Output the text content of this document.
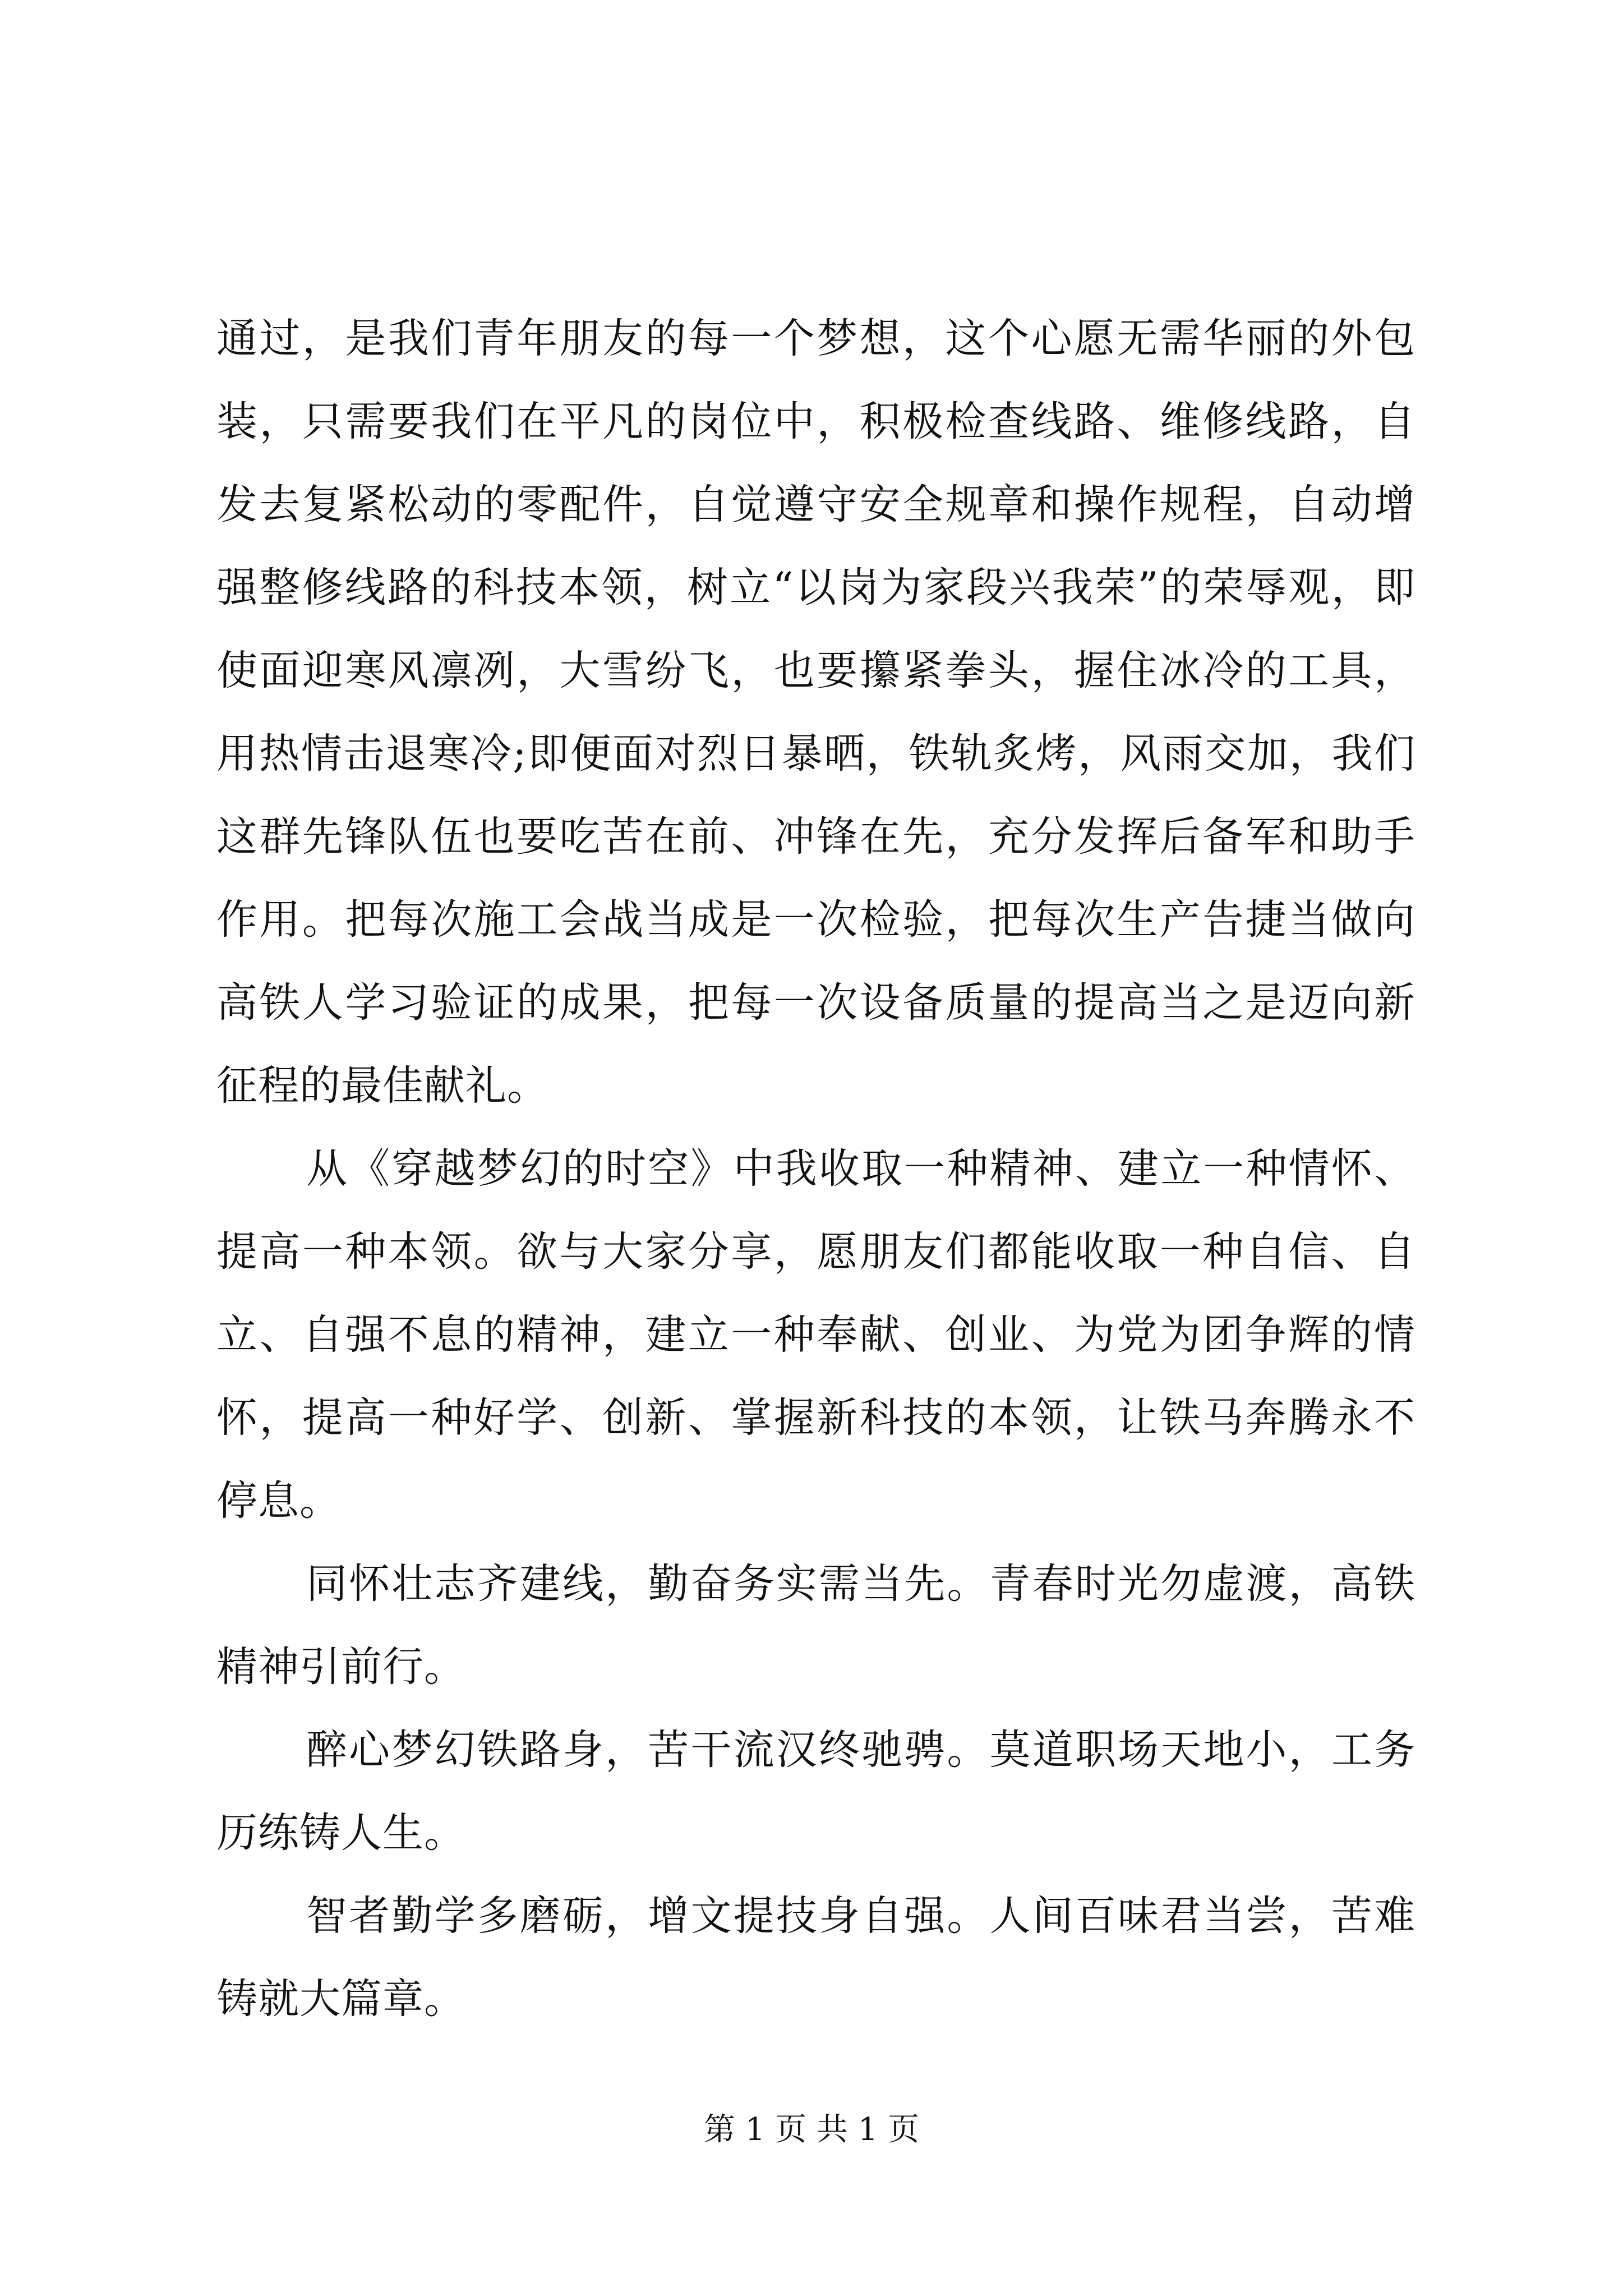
通过，是我们青年朋友的每一个梦想，这个心愿无需华丽的外包装，只需要我们在平凡的岗位中，积极检查线路、维修线路，自发去复紧松动的零配件，自觉遵守安全规章和操作规程，自动增强整修线路的科技本领，树立“以岗为家段兴我荣”的荣辱观，即使面迎寒风凛冽，大雪纷飞，也要攥紧拳头，握住冰冷的工具，用热情击退寒冷;即便面对烈日暴晒，铁轨炙烤，风雨交加，我们这群先锋队伍也要吃苦在前、冲锋在先，充分发挥后备军和助手作用。把每次施工会战当成是一次检验，把每次生产告捷当做向高铁人学习验证的成果，把每一次设备质量的提高当之是迈向新征程的最佳献礼。

从《穿越梦幻的时空》中我收取一种精神、建立一种情怀、提高一种本领。欲与大家分享，愿朋友们都能收取一种自信、自立、自强不息的精神，建立一种奉献、创业、为党为团争辉的情怀，提高一种好学、创新、掌握新科技的本领，让铁马奔腾永不停息。

同怀壮志齐建线，勤奋务实需当先。青春时光勿虚渡，高铁精神引前行。

醉心梦幻铁路身，苦干流汉终驰骋。莫道职场天地小，工务历练铸人生。

智者勤学多磨砺，增文提技身自强。人间百味君当尝，苦难铸就大篇章。

第 1 页 共 1 页
